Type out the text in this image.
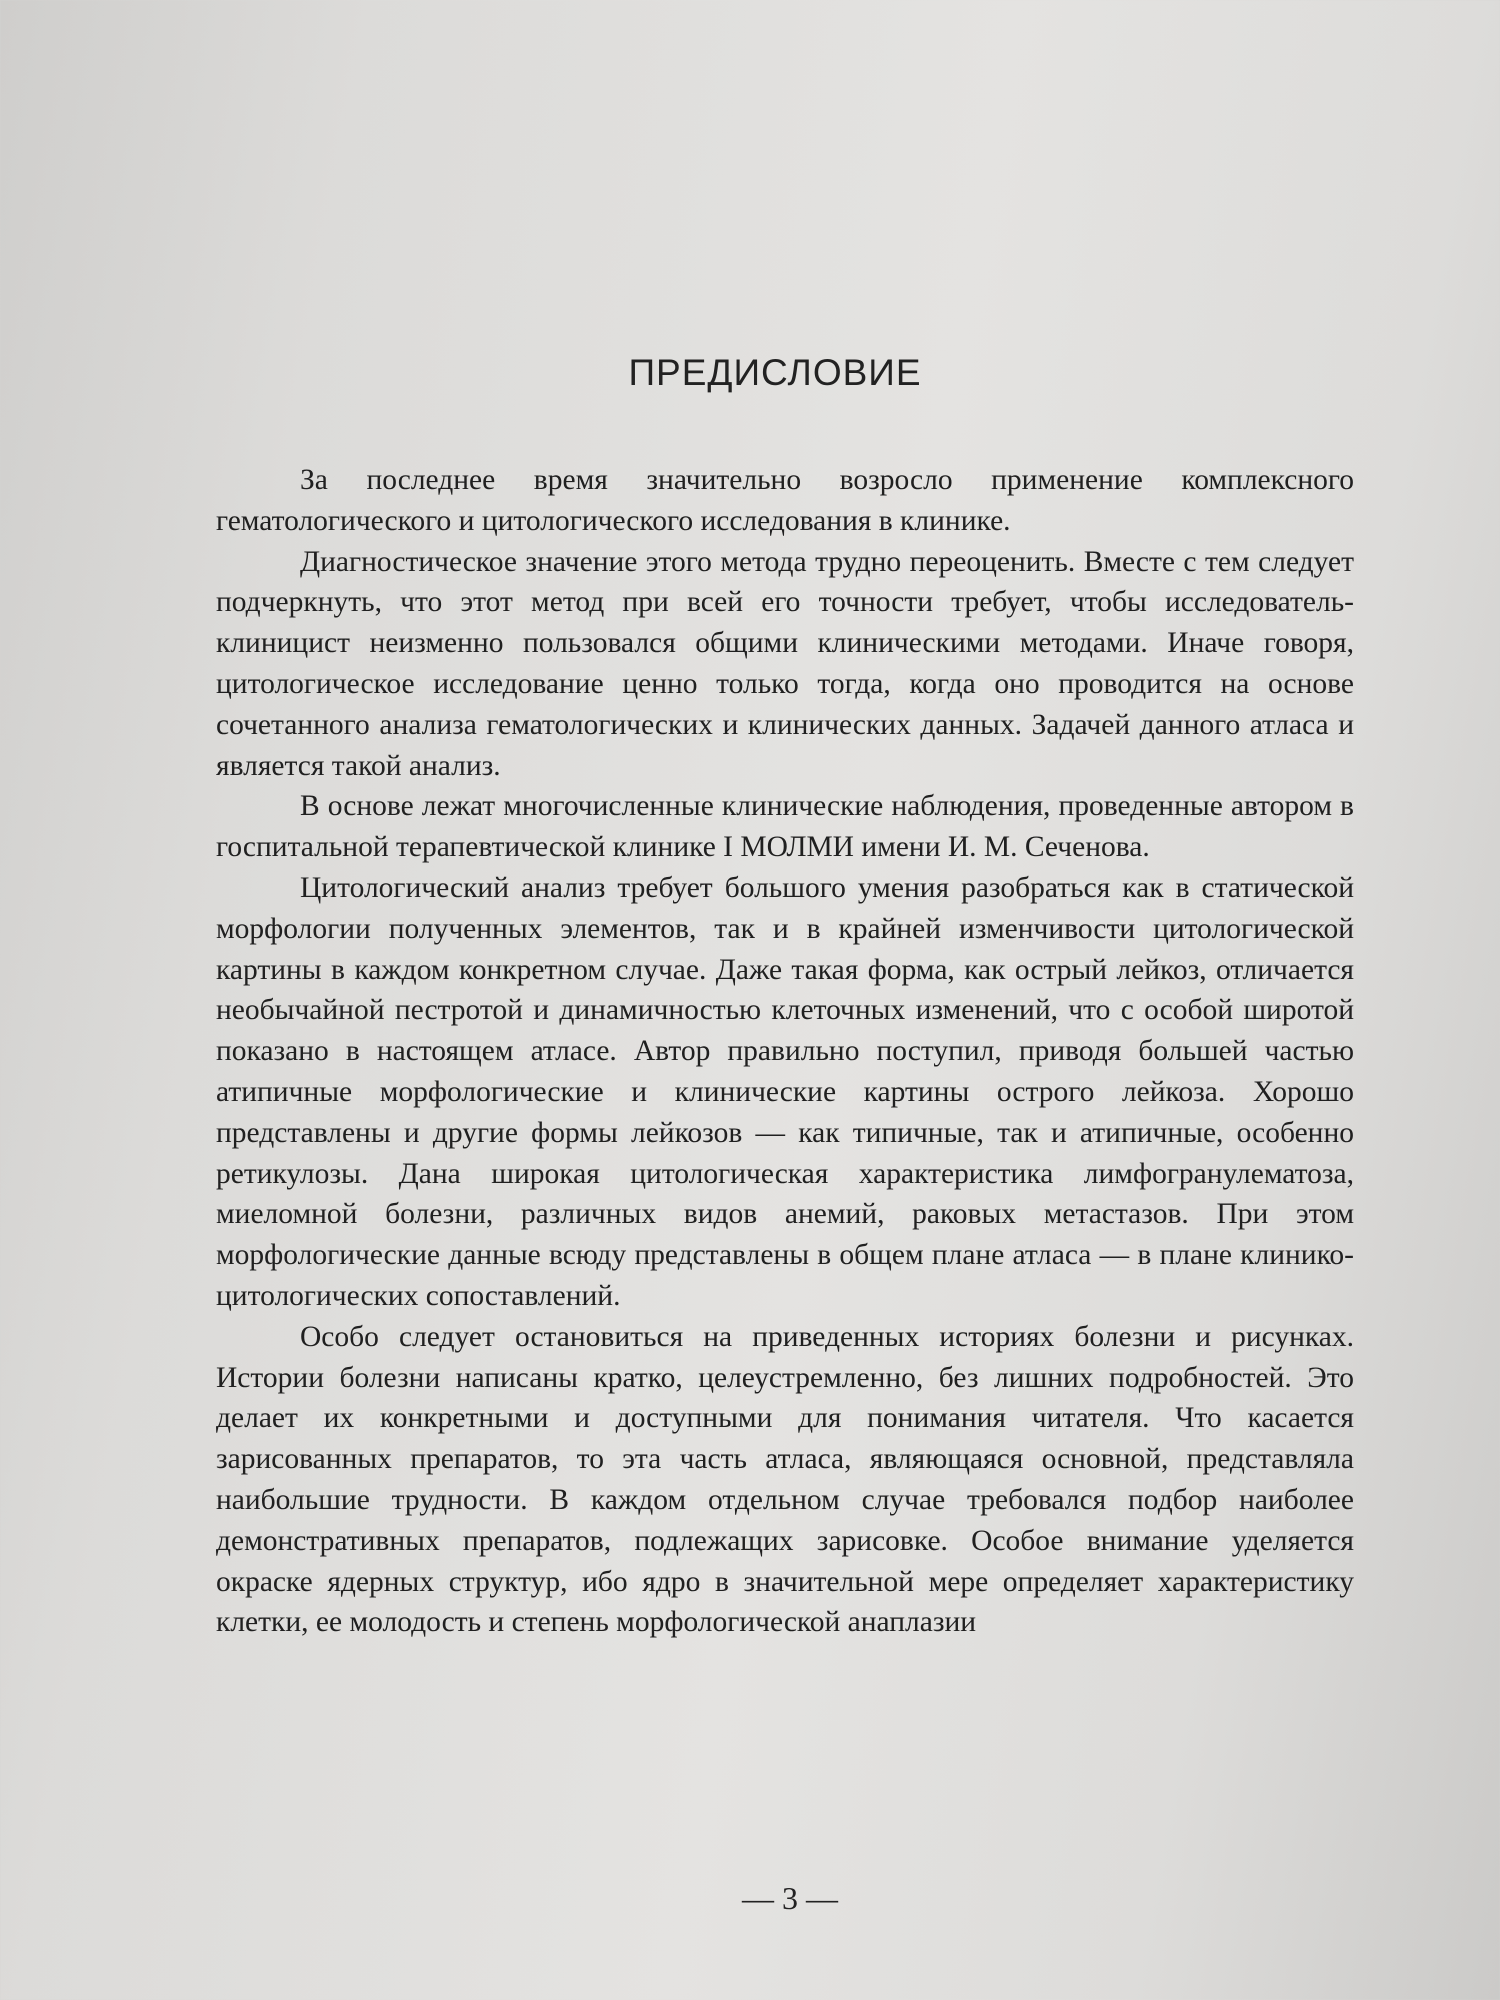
ПРЕДИСЛОВИЕ

За последнее время значительно возросло применение комплексного гематологического и цитологического исследования в клинике.

Диагностическое значение этого метода трудно переоценить. Вместе с тем следует подчеркнуть, что этот метод при всей его точности требует, чтобы исследователь-клиницист неизменно пользовался общими клиническими методами. Иначе говоря, цитологическое исследование ценно только тогда, когда оно проводится на основе сочетанного анализа гематологических и клинических данных. Задачей данного атласа и является такой анализ.

В основе лежат многочисленные клинические наблюдения, проведенные автором в госпитальной терапевтической клинике I МОЛМИ имени И. М. Сеченова.

Цитологический анализ требует большого умения разобраться как в статической морфологии полученных элементов, так и в крайней изменчивости цитологической картины в каждом конкретном случае. Даже такая форма, как острый лейкоз, отличается необычайной пестротой и динамичностью клеточных изменений, что с особой широтой показано в настоящем атласе. Автор правильно поступил, приводя большей частью атипичные морфологические и клинические картины острого лейкоза. Хорошо представлены и другие формы лейкозов — как типичные, так и атипичные, особенно ретикулозы. Дана широкая цитологическая характеристика лимфогранулематоза, миеломной болезни, различных видов анемий, раковых метастазов. При этом морфологические данные всюду представлены в общем плане атласа — в плане клинико-цитологических сопоставлений.

Особо следует остановиться на приведенных историях болезни и рисунках. Истории болезни написаны кратко, целеустремленно, без лишних подробностей. Это делает их конкретными и доступными для понимания читателя. Что касается зарисованных препаратов, то эта часть атласа, являющаяся основной, представляла наибольшие трудности. В каждом отдельном случае требовался подбор наиболее демонстративных препаратов, подлежащих зарисовке. Особое внимание уделяется окраске ядерных структур, ибо ядро в значительной мере определяет характеристику клетки, ее молодость и степень морфологической анаплазии

— 3 —
